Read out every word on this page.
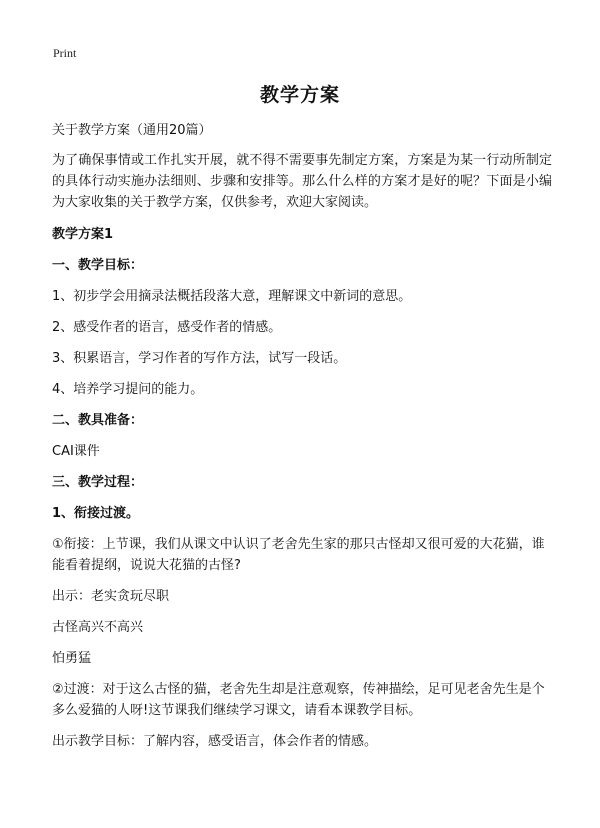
Print
教学方案

关于教学方案（通用20篇）

为了确保事情或工作扎实开展，就不得不需要事先制定方案，方案是为某一行动所制定的具体行动实施办法细则、步骤和安排等。那么什么样的方案才是好的呢？下面是小编为大家收集的关于教学方案，仅供参考，欢迎大家阅读。

教学方案1

一、教学目标：

1、初步学会用摘录法概括段落大意，理解课文中新词的意思。

2、感受作者的语言，感受作者的情感。

3、积累语言，学习作者的写作方法，试写一段话。

4、培养学习提问的能力。

二、教具准备：

CAI课件

三、教学过程：

1、衔接过渡。

①衔接：上节课，我们从课文中认识了老舍先生家的那只古怪却又很可爱的大花猫，谁能看着提纲，说说大花猫的古怪?

出示：老实贪玩尽职

古怪高兴不高兴

怕勇猛

②过渡：对于这么古怪的猫，老舍先生却是注意观察，传神描绘，足可见老舍先生是个多么爱猫的人呀!这节课我们继续学习课文，请看本课教学目标。

出示教学目标：了解内容，感受语言，体会作者的情感。
